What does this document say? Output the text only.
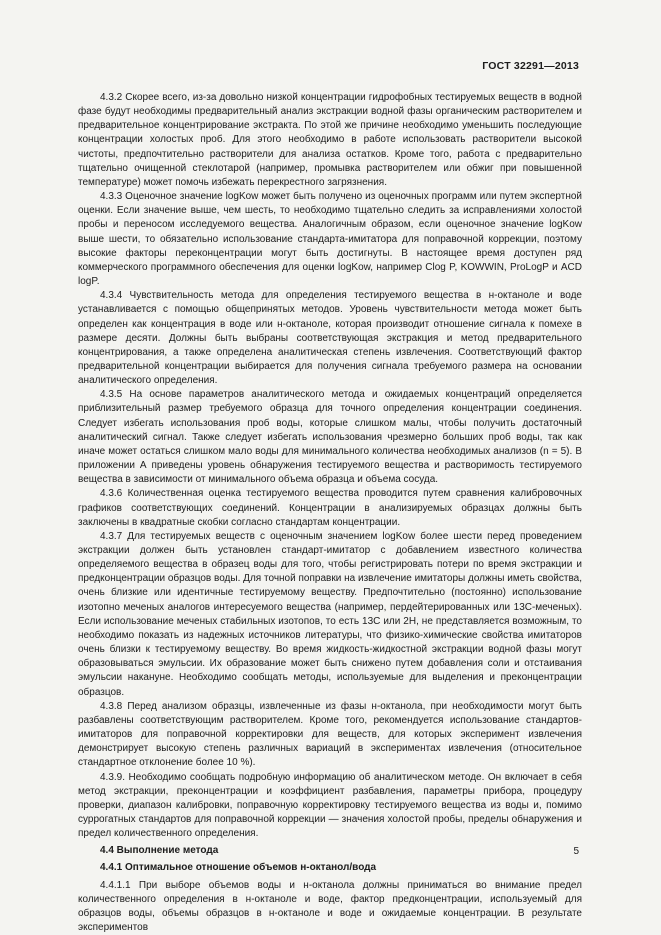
ГОСТ 32291—2013

4.3.2 Скорее всего, из-за довольно низкой концентрации гидрофобных тестируемых веществ в водной фазе будут необходимы предварительный анализ экстракции водной фазы органическим растворителем и предварительное концентрирование экстракта. По этой же причине необходимо уменьшить последующие концентрации холостых проб. Для этого необходимо в работе использовать растворители высокой чистоты, предпочтительно растворители для анализа остатков. Кроме того, работа с предварительно тщательно очищенной стеклотарой (например, промывка растворителем или обжиг при повышенной температуре) может помочь избежать перекрестного загрязнения.

4.3.3 Оценочное значение logKow может быть получено из оценочных программ или путем экспертной оценки. Если значение выше, чем шесть, то необходимо тщательно следить за исправлениями холостой пробы и переносом исследуемого вещества. Аналогичным образом, если оценочное значение logKow выше шести, то обязательно использование стандарта-имитатора для поправочной коррекции, поэтому высокие факторы переконцентрации могут быть достигнуты. В настоящее время доступен ряд коммерческого программного обеспечения для оценки logKow, например Clog P, KOWWIN, ProLogP и ACD logP.

4.3.4 Чувствительность метода для определения тестируемого вещества в н-октаноле и воде устанавливается с помощью общепринятых методов. Уровень чувствительности метода может быть определен как концентрация в воде или н-октаноле, которая производит отношение сигнала к помехе в размере десяти. Должны быть выбраны соответствующая экстракция и метод предварительного концентрирования, а также определена аналитическая степень извлечения. Соответствующий фактор предварительной концентрации выбирается для получения сигнала требуемого размера на основании аналитического определения.

4.3.5 На основе параметров аналитического метода и ожидаемых концентраций определяется приблизительный размер требуемого образца для точного определения концентрации соединения. Следует избегать использования проб воды, которые слишком малы, чтобы получить достаточный аналитический сигнал. Также следует избегать использования чрезмерно больших проб воды, так как иначе может остаться слишком мало воды для минимального количества необходимых анализов (n = 5). В приложении А приведены уровень обнаружения тестируемого вещества и растворимость тестируемого вещества в зависимости от минимального объема образца и объема сосуда.

4.3.6 Количественная оценка тестируемого вещества проводится путем сравнения калибровочных графиков соответствующих соединений. Концентрации в анализируемых образцах должны быть заключены в квадратные скобки согласно стандартам концентрации.

4.3.7 Для тестируемых веществ с оценочным значением logKow более шести перед проведением экстракции должен быть установлен стандарт-имитатор с добавлением известного количества определяемого вещества в образец воды для того, чтобы регистрировать потери по время экстракции и предконцентрации образцов воды. Для точной поправки на извлечение имитаторы должны иметь свойства, очень близкие или идентичные тестируемому веществу. Предпочтительно (постоянно) использование изотопно меченых аналогов интересуемого вещества (например, пердейтерированных или 13С-меченых). Если использование меченых стабильных изотопов, то есть 13С или 2Н, не представляется возможным, то необходимо показать из надежных источников литературы, что физико-химические свойства имитаторов очень близки к тестируемому веществу. Во время жидкость-жидкостной экстракции водной фазы могут образовываться эмульсии. Их образование может быть снижено путем добавления соли и отстаивания эмульсии накануне. Необходимо сообщать методы, используемые для выделения и преконцентрации образцов.

4.3.8 Перед анализом образцы, извлеченные из фазы н-октанола, при необходимости могут быть разбавлены соответствующим растворителем. Кроме того, рекомендуется использование стандартов-имитаторов для поправочной корректировки для веществ, для которых эксперимент извлечения демонстрирует высокую степень различных вариаций в экспериментах извлечения (относительное стандартное отклонение более 10 %).

4.3.9. Необходимо сообщать подробную информацию об аналитическом методе. Он включает в себя метод экстракции, преконцентрации и коэффициент разбавления, параметры прибора, процедуру проверки, диапазон калибровки, поправочную корректировку тестируемого вещества из воды и, помимо суррогатных стандартов для поправочной коррекции — значения холостой пробы, пределы обнаружения и предел количественного определения.

4.4 Выполнение метода

4.4.1 Оптимальное отношение объемов н-октанол/вода

4.4.1.1 При выборе объемов воды и н-октанола должны приниматься во внимание предел количественного определения в н-октаноле и воде, фактор предконцентрации, используемый для образцов воды, объемы образцов в н-октаноле и воде и ожидаемые концентрации. В результате экспериментов

5
